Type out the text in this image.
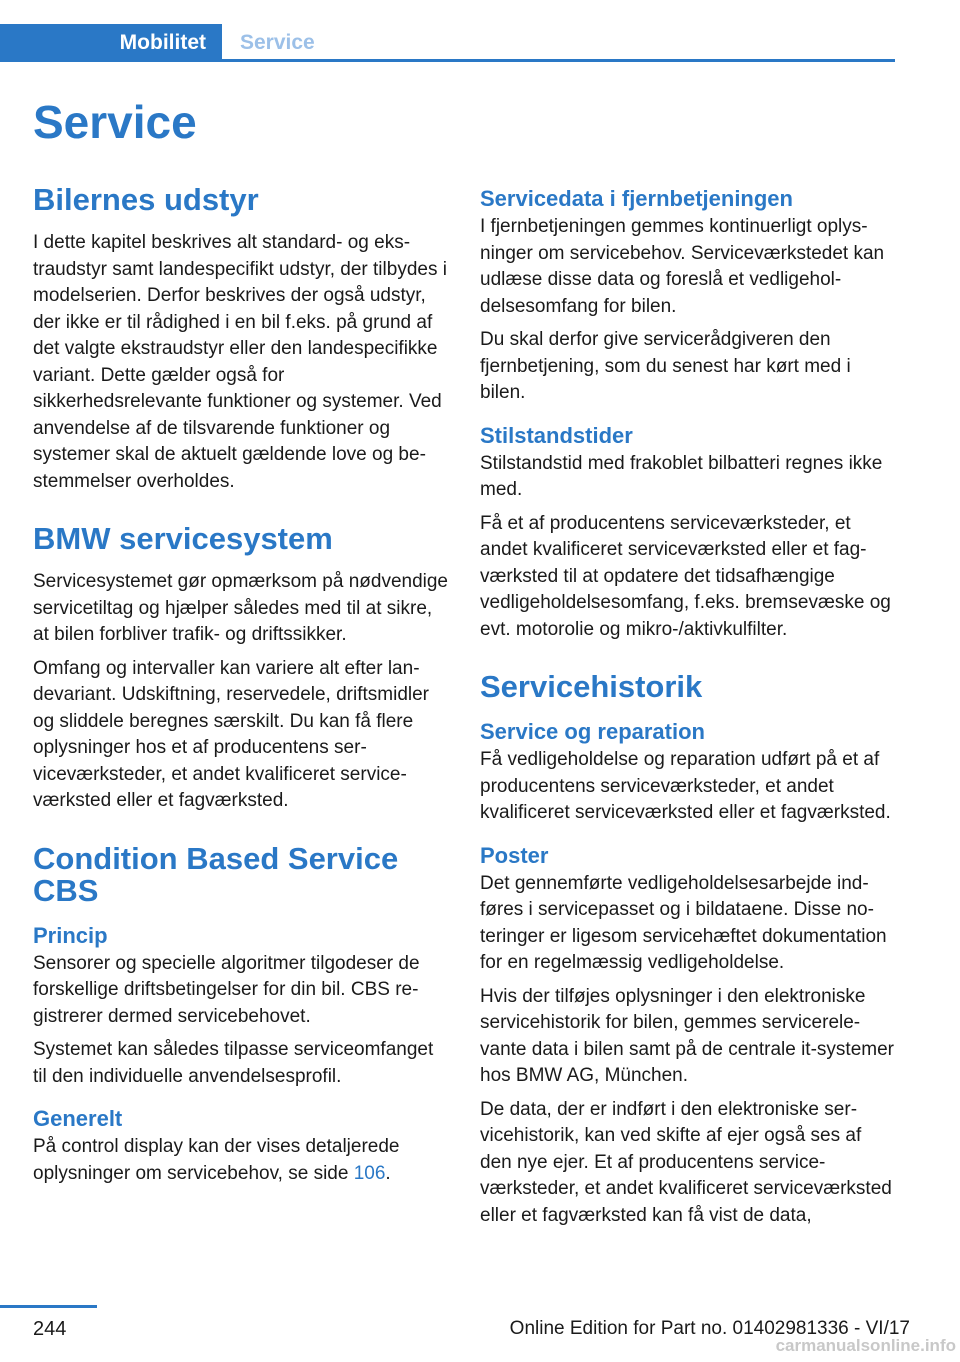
Mobilitet	Service
Service
Bilernes udstyr

I dette kapitel beskrives alt standard- og ekstraudstyr samt landespecifikt udstyr, der tilbydes i modelserien. Derfor beskrives der også udstyr, der ikke er til rådighed i en bil f.eks. på grund af det valgte ekstraudstyr eller den landespecifikke variant. Dette gælder også for sikkerhedsrelevante funktioner og systemer. Ved anvendelse af de tilsvarende funktioner og systemer skal de aktuelt gældende love og bestemmelser overholdes.

BMW servicesystem

Servicesystemet gør opmærksom på nødvendige servicetiltag og hjælper således med til at sikre, at bilen forbliver trafik- og driftssikker.

Omfang og intervaller kan variere alt efter landevariant. Udskiftning, reservedele, driftsmidler og sliddele beregnes særskilt. Du kan få flere oplysninger hos et af producentens serviceværksteder, et andet kvalificeret serviceværksted eller et fagværksted.

Condition Based Service CBS
Princip

Sensorer og specielle algoritmer tilgodeser de forskellige driftsbetingelser for din bil. CBS registrerer dermed servicebehovet.

Systemet kan således tilpasse serviceomfanget til den individuelle anvendelsesprofil.

Generelt

På control display kan der vises detaljerede oplysninger om servicebehov, se side 106.

Servicedata i fjernbetjeningen

I fjernbetjeningen gemmes kontinuerligt oplysninger om servicebehov. Serviceværkstedet kan udlæse disse data og foreslå et vedligeholdelsesomfang for bilen.

Du skal derfor give servicerådgiveren den fjernbetjening, som du senest har kørt med i bilen.

Stilstandstider

Stilstandstid med frakoblet bilbatteri regnes ikke med.

Få et af producentens serviceværksteder, et andet kvalificeret serviceværksted eller et fagværksted til at opdatere det tidsafhængige vedligeholdelsesomfang, f.eks. bremsevæske og evt. motorolie og mikro-/aktivkulfilter.

Servicehistorik
Service og reparation

Få vedligeholdelse og reparation udført på et af producentens serviceværksteder, et andet kvalificeret serviceværksted eller et fagværksted.

Poster

Det gennemførte vedligeholdelsesarbejde indføres i servicepasset og i bildataene. Disse noteringer er ligesom servicehæftet dokumentation for en regelmæssig vedligeholdelse.

Hvis der tilføjes oplysninger i den elektroniske servicehistorik for bilen, gemmes servicerelevante data i bilen samt på de centrale it-systemer hos BMW AG, München.

De data, der er indført i den elektroniske servicehistorik, kan ved skifte af ejer også ses af den nye ejer. Et af producentens serviceværksteder, et andet kvalificeret serviceværksted eller et fagværksted kan få vist de data,

244	Online Edition for Part no. 01402981336 - VI/17
carmanualsonline.info
